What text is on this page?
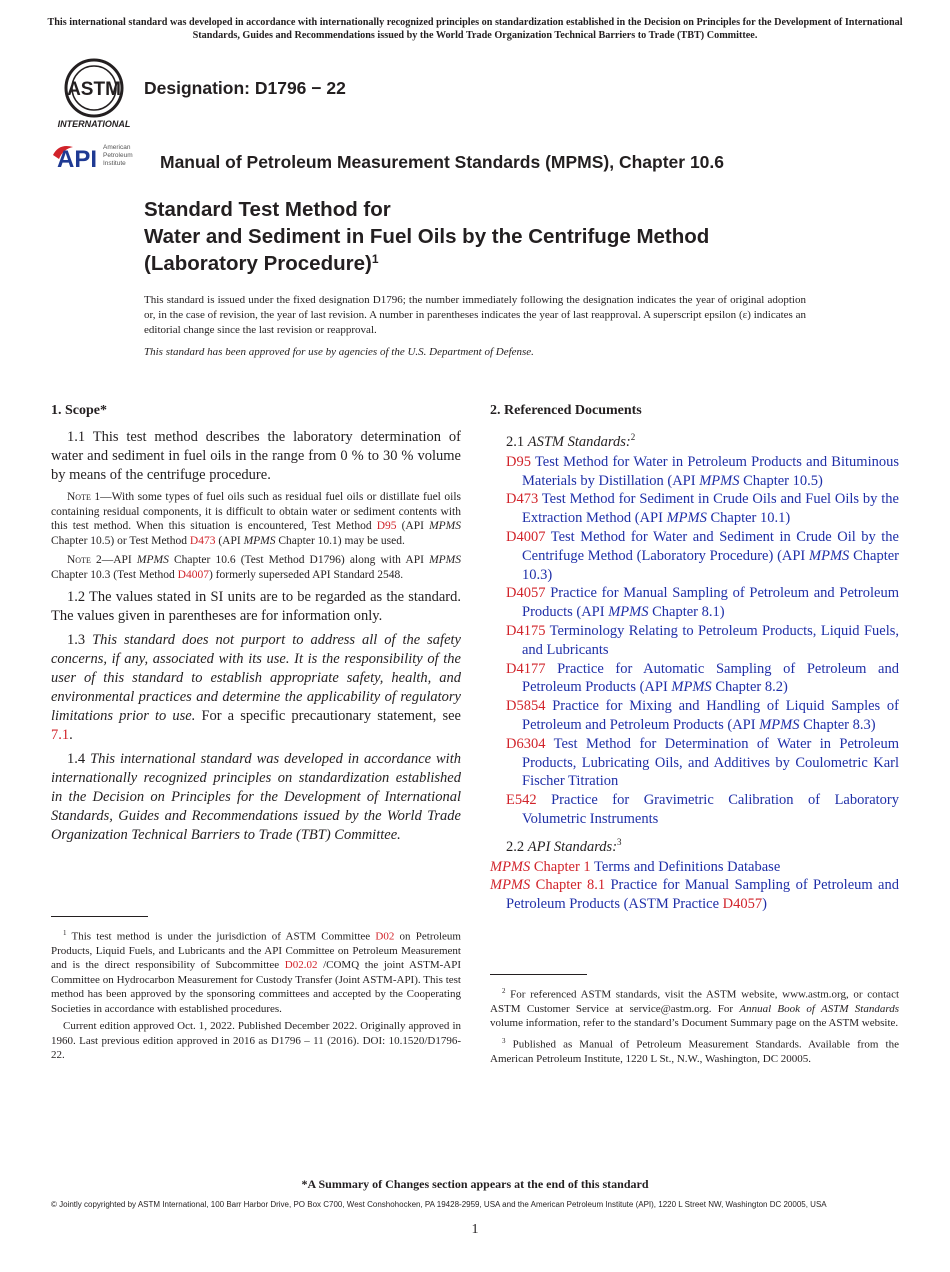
This international standard was developed in accordance with internationally recognized principles on standardization established in the Decision on Principles for the Development of International Standards, Guides and Recommendations issued by the World Trade Organization Technical Barriers to Trade (TBT) Committee.
ASTM
INTERNATIONAL
Designation: D1796 − 22
API American
Petroleum
Institute Manual of Petroleum Measurement Standards (MPMS), Chapter 10.6
Standard Test Method for
Water and Sediment in Fuel Oils by the Centrifuge Method
(Laboratory Procedure)$^1$
This standard is issued under the fixed designation D1796; the number immediately following the designation indicates the year of original adoption or, in the case of revision, the year of last revision. A number in parentheses indicates the year of last reapproval. A superscript epsilon (ε) indicates an editorial change since the last revision or reapproval.
This standard has been approved for use by agencies of the U.S. Department of Defense.
1. Scope*

1.1 This test method describes the laboratory determination of water and sediment in fuel oils in the range from 0 % to 30 % volume by means of the centrifuge procedure.

Note 1—With some types of fuel oils such as residual fuel oils or distillate fuel oils containing residual components, it is difficult to obtain water or sediment contents with this test method. When this situation is encountered, Test Method D95 (API MPMS Chapter 10.5) or Test Method D473 (API MPMS Chapter 10.1) may be used.

Note 2—API MPMS Chapter 10.6 (Test Method D1796) along with API MPMS Chapter 10.3 (Test Method D4007) formerly superseded API Standard 2548.

1.2 The values stated in SI units are to be regarded as the standard. The values given in parentheses are for information only.

1.3 This standard does not purport to address all of the safety concerns, if any, associated with its use. It is the responsibility of the user of this standard to establish appropriate safety, health, and environmental practices and determine the applicability of regulatory limitations prior to use. For a specific precautionary statement, see 7.1.

1.4 This international standard was developed in accordance with internationally recognized principles on standardization established in the Decision on Principles for the Development of International Standards, Guides and Recommendations issued by the World Trade Organization Technical Barriers to Trade (TBT) Committee.

$^1$ This test method is under the jurisdiction of ASTM Committee D02 on Petroleum Products, Liquid Fuels, and Lubricants and the API Committee on Petroleum Measurement and is the direct responsibility of Subcommittee D02.02 /COMQ the joint ASTM-API Committee on Hydrocarbon Measurement for Custody Transfer (Joint ASTM-API). This test method has been approved by the sponsoring committees and accepted by the Cooperating Societies in accordance with established procedures.

Current edition approved Oct. 1, 2022. Published December 2022. Originally approved in 1960. Last previous edition approved in 2016 as D1796 – 11 (2016). DOI: 10.1520/D1796-22.

2. Referenced Documents
2.1 ASTM Standards:$^2$
D95 Test Method for Water in Petroleum Products and Bituminous Materials by Distillation (API MPMS Chapter 10.5)
D473 Test Method for Sediment in Crude Oils and Fuel Oils by the Extraction Method (API MPMS Chapter 10.1)
D4007 Test Method for Water and Sediment in Crude Oil by the Centrifuge Method (Laboratory Procedure) (API MPMS Chapter 10.3)
D4057 Practice for Manual Sampling of Petroleum and Petroleum Products (API MPMS Chapter 8.1)
D4175 Terminology Relating to Petroleum Products, Liquid Fuels, and Lubricants
D4177 Practice for Automatic Sampling of Petroleum and Petroleum Products (API MPMS Chapter 8.2)
D5854 Practice for Mixing and Handling of Liquid Samples of Petroleum and Petroleum Products (API MPMS Chapter 8.3)
D6304 Test Method for Determination of Water in Petroleum Products, Lubricating Oils, and Additives by Coulometric Karl Fischer Titration
E542 Practice for Gravimetric Calibration of Laboratory Volumetric Instruments
2.2 API Standards:$^3$
MPMS Chapter 1 Terms and Definitions Database
MPMS Chapter 8.1 Practice for Manual Sampling of Petroleum and Petroleum Products (ASTM Practice D4057)

$^2$ For referenced ASTM standards, visit the ASTM website, www.astm.org, or contact ASTM Customer Service at service@astm.org. For Annual Book of ASTM Standards volume information, refer to the standard’s Document Summary page on the ASTM website.

$^3$ Published as Manual of Petroleum Measurement Standards. Available from the American Petroleum Institute, 1220 L St., N.W., Washington, DC 20005.

*A Summary of Changes section appears at the end of this standard
© Jointly copyrighted by ASTM International, 100 Barr Harbor Drive, PO Box C700, West Conshohocken, PA 19428-2959, USA and the American Petroleum Institute (API), 1220 L Street NW, Washington DC 20005, USA
1
